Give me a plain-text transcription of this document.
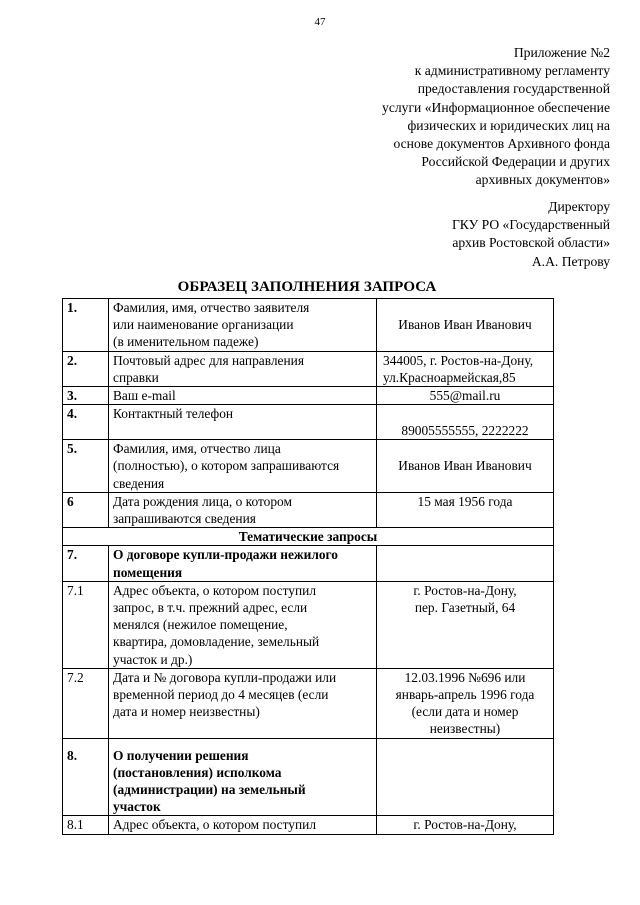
47
Приложение №2
к административному регламенту
предоставления государственной
услуги «Информационное обеспечение
физических и юридических лиц на
основе документов Архивного фонда
Российской Федерации и других
архивных документов»
Директору
ГКУ РО «Государственный
архив Ростовской области»
А.А. Петрову
ОБРАЗЕЦ ЗАПОЛНЕНИЯ ЗАПРОСА
1.	Фамилия, имя, отчество заявителя
или наименование организации
(в именительном падеже)	Иванов Иван Иванович
2.	Почтовый адрес для направления
справки	344005, г. Ростов-на-Дону,
ул.Красноармейская,85

3.	Ваш e-mail	555@mail.ru
4.	Контактный телефон	89005555555, 2222222
5.	Фамилия, имя, отчество лица
(полностью), о котором запрашиваются
сведения	Иванов Иван Иванович
6	Дата рождения лица, о котором
запрашиваются сведения	15 мая 1956 года
Тематические запросы		
7.	О договоре купли-продажи нежилого
помещения	

7.1	Адрес объекта, о котором поступил
запрос, в т.ч. прежний адрес, если
менялся (нежилое помещение,
квартира, домовладение, земельный
участок и др.)	г. Ростов-на-Дону,
пер. Газетный, 64

7.2	Дата и № договора купли-продажи или
временной период до 4 месяцев (если
дата и номер неизвестны)	12.03.1996 №696 или
январь-апрель 1996 года
(если дата и номер
неизвестны)

8.	О получении решения
(постановления) исполкома
(администрации) на земельный
участок	

8.1	Адрес объекта, о котором поступил	г. Ростов-на-Дону,
